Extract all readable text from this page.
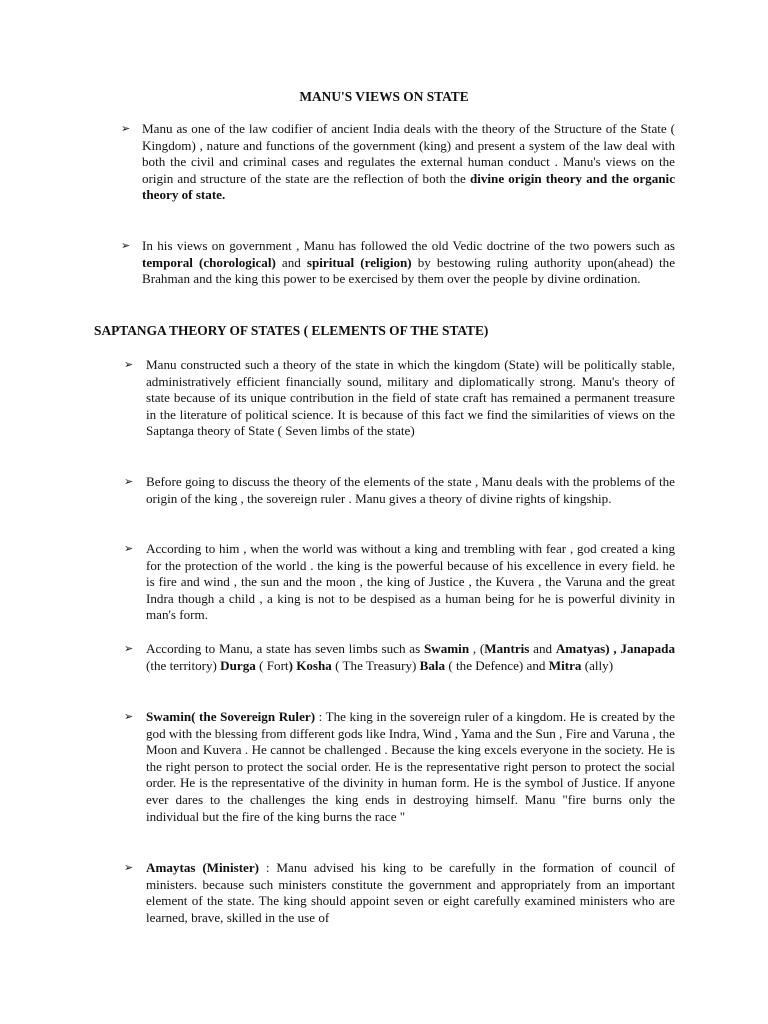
MANU'S VIEWS ON STATE
➢ Manu as one of the law codifier of ancient India deals with the theory of the Structure of the State ( Kingdom) , nature and functions of the government (king) and present a system of the law deal with both the civil and criminal cases and regulates the external human conduct . Manu's views on the origin and structure of the state are the reflection of both the divine origin theory and the organic theory of state.

➢ In his views on government , Manu has followed the old Vedic doctrine of the two powers such as temporal (chorological) and spiritual (religion) by bestowing ruling authority upon(ahead) the Brahman and the king this power to be exercised by them over the people by divine ordination.

SAPTANGA THEORY OF STATES ( ELEMENTS OF THE STATE)
➢ Manu constructed such a theory of the state in which the kingdom (State) will be politically stable, administratively efficient financially sound, military and diplomatically strong. Manu's theory of state because of its unique contribution in the field of state craft has remained a permanent treasure in the literature of political science. It is because of this fact we find the similarities of views on the Saptanga theory of State ( Seven limbs of the state)

➢ Before going to discuss the theory of the elements of the state , Manu deals with the problems of the origin of the king , the sovereign ruler . Manu gives a theory of divine rights of kingship.

➢ According to him , when the world was without a king and trembling with fear , god created a king for the protection of the world . the king is the powerful because of his excellence in every field. he is fire and wind , the sun and the moon , the king of Justice , the Kuvera , the Varuna and the great Indra though a child , a king is not to be despised as a human being for he is powerful divinity in man's form.

➢ According to Manu, a state has seven limbs such as Swamin , (Mantris and Amatyas) , Janapada (the territory) Durga ( Fort) Kosha ( The Treasury) Bala ( the Defence) and Mitra (ally)

➢ Swamin( the Sovereign Ruler) : The king in the sovereign ruler of a kingdom. He is created by the god with the blessing from different gods like Indra, Wind , Yama and the Sun , Fire and Varuna , the Moon and Kuvera . He cannot be challenged . Because the king excels everyone in the society. He is the right person to protect the social order. He is the representative right person to protect the social order. He is the representative of the divinity in human form. He is the symbol of Justice. If anyone ever dares to the challenges the king ends in destroying himself. Manu "fire burns only the individual but the fire of the king burns the race "

➢ Amaytas (Minister) : Manu advised his king to be carefully in the formation of council of ministers. because such ministers constitute the government and appropriately from an important element of the state. The king should appoint seven or eight carefully examined ministers who are learned, brave, skilled in the use of
